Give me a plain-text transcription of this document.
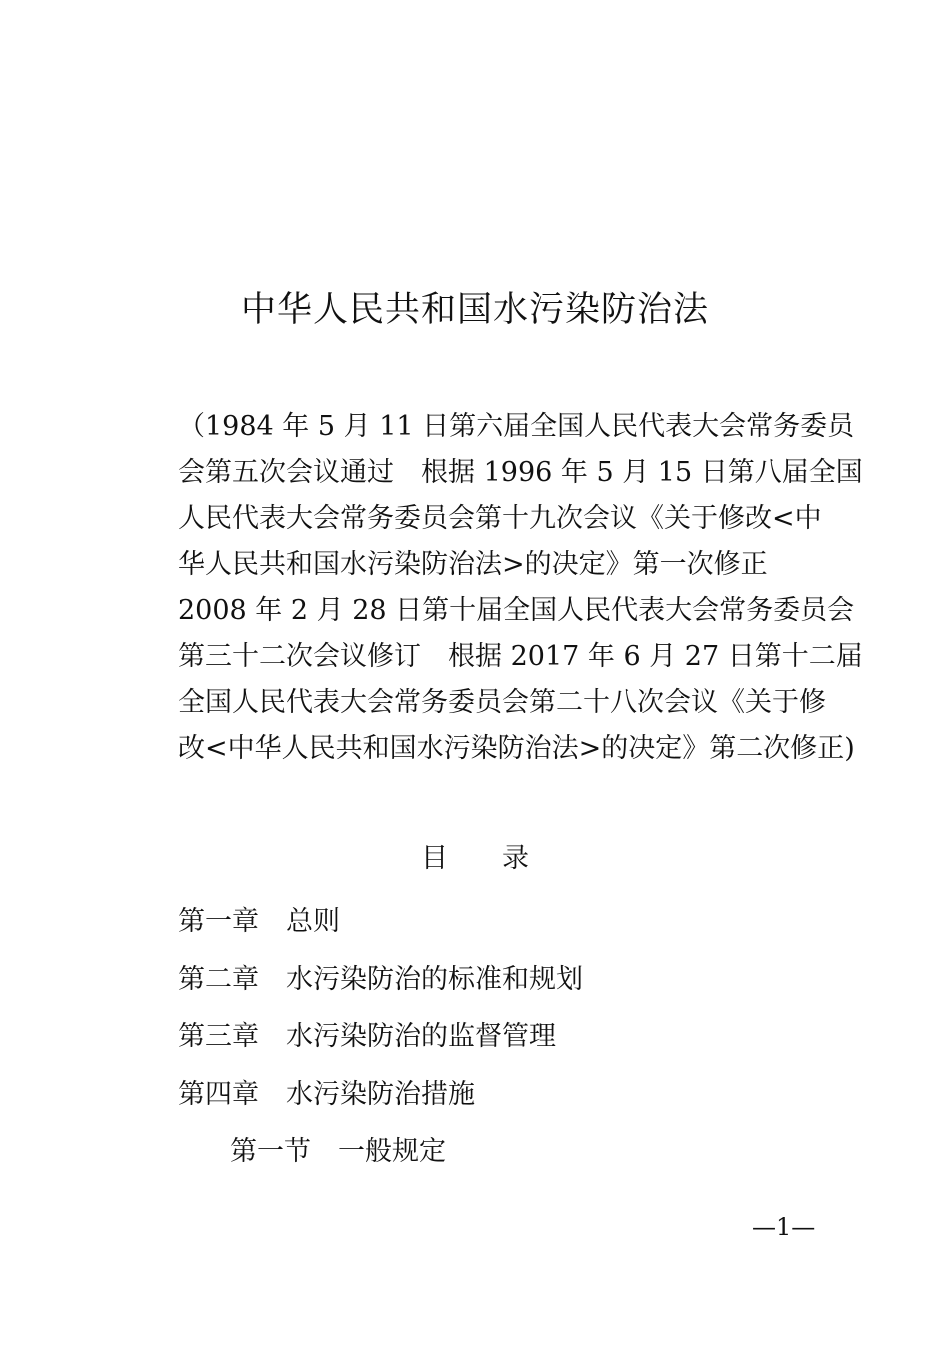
中华人民共和国水污染防治法
（1984 年 5 月 11 日第六届全国人民代表大会常务委员
会第五次会议通过　根据 1996 年 5 月 15 日第八届全国
人民代表大会常务委员会第十九次会议《关于修改<中
华人民共和国水污染防治法>的决定》第一次修正
2008 年 2 月 28 日第十届全国人民代表大会常务委员会
第三十二次会议修订　根据 2017 年 6 月 27 日第十二届
全国人民代表大会常务委员会第二十八次会议《关于修
改<中华人民共和国水污染防治法>的决定》第二次修正)
目　　录
第一章　总则
第二章　水污染防治的标准和规划
第三章　水污染防治的监督管理
第四章　水污染防治措施
第一节　一般规定
—1—
